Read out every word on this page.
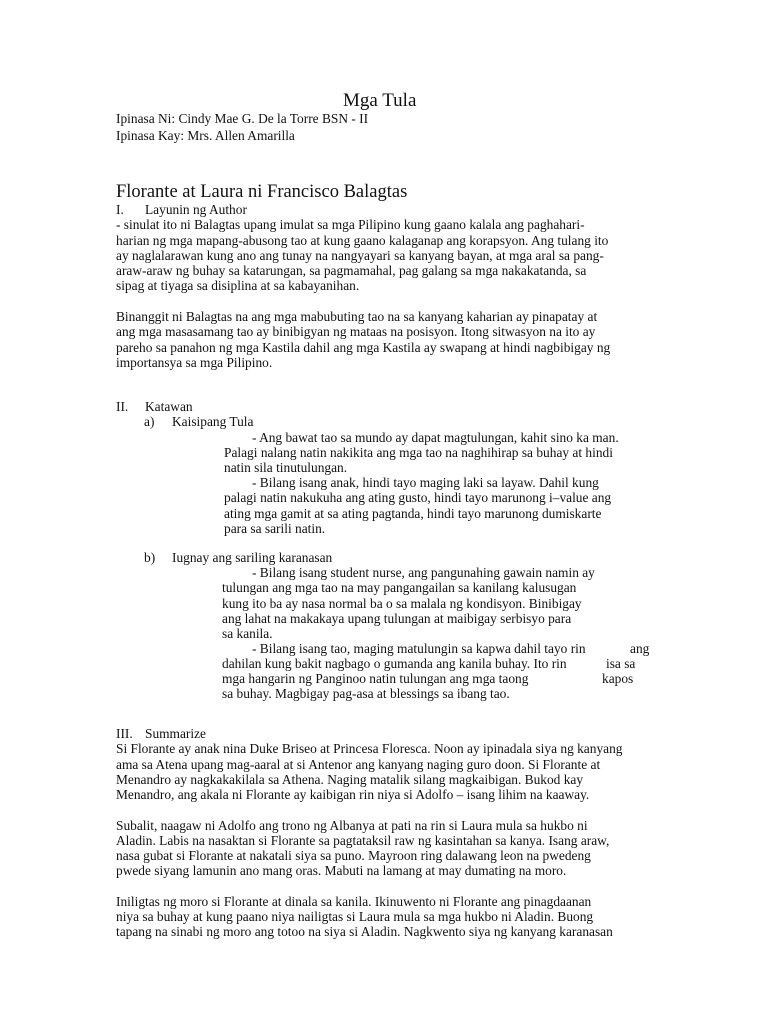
Mga Tula
Ipinasa Ni: Cindy Mae G. De la Torre BSN - II
Ipinasa Kay: Mrs. Allen Amarilla
Florante at Laura ni Francisco Balagtas
I. Layunin ng Author
- sinulat ito ni Balagtas upang imulat sa mga Pilipino kung gaano kalala ang paghahari-
harian ng mga mapang-abusong tao at kung gaano kalaganap ang korapsyon. Ang tulang ito
ay naglalarawan kung ano ang tunay na nangyayari sa kanyang bayan, at mga aral sa pang-
araw-araw ng buhay sa katarungan, sa pagmamahal, pag galang sa mga nakakatanda, sa
sipag at tiyaga sa disiplina at sa kabayanihan.
Binanggit ni Balagtas na ang mga mabubuting tao na sa kanyang kaharian ay pinapatay at
ang mga masasamang tao ay binibigyan ng mataas na posisyon. Itong sitwasyon na ito ay
pareho sa panahon ng mga Kastila dahil ang mga Kastila ay swapang at hindi nagbibigay ng
importansya sa mga Pilipino.
II. Katawan
a) Kaisipang Tula
- Ang bawat tao sa mundo ay dapat magtulungan, kahit sino ka man.
Palagi nalang natin nakikita ang mga tao na naghihirap sa buhay at hindi
natin sila tinutulungan.
- Bilang isang anak, hindi tayo maging laki sa layaw. Dahil kung
palagi natin nakukuha ang ating gusto, hindi tayo marunong i–value ang
ating mga gamit at sa ating pagtanda, hindi tayo marunong dumiskarte
para sa sarili natin.
b) Iugnay ang sariling karanasan
- Bilang isang student nurse, ang pangunahing gawain namin ay
tulungan ang mga tao na may pangangailan sa kanilang kalusugan
kung ito ba ay nasa normal ba o sa malala ng kondisyon. Binibigay
ang lahat na makakaya upang tulungan at maibigay serbisyo para
sa kanila.
- Bilang isang tao, maging matulungin sa kapwa dahil tayo rin	ang
dahilan kung bakit nagbago o gumanda ang kanila buhay. Ito rin	isa sa
mga hangarin ng Panginoo natin tulungan ang mga taong	kapos
sa buhay. Magbigay pag-asa at blessings sa ibang tao.
III. Summarize
Si Florante ay anak nina Duke Briseo at Princesa Floresca. Noon ay ipinadala siya ng kanyang
ama sa Atena upang mag-aaral at si Antenor ang kanyang naging guro doon. Si Florante at
Menandro ay nagkakakilala sa Athena. Naging matalik silang magkaibigan. Bukod kay
Menandro, ang akala ni Florante ay kaibigan rin niya si Adolfo – isang lihim na kaaway.
Subalit, naagaw ni Adolfo ang trono ng Albanya at pati na rin si Laura mula sa hukbo ni
Aladin. Labis na nasaktan si Florante sa pagtataksil raw ng kasintahan sa kanya. Isang araw,
nasa gubat si Florante at nakatali siya sa puno. Mayroon ring dalawang leon na pwedeng
pwede siyang lamunin ano mang oras. Mabuti na lamang at may dumating na moro.
Iniligtas ng moro si Florante at dinala sa kanila. Ikinuwento ni Florante ang pinagdaanan
niya sa buhay at kung paano niya nailigtas si Laura mula sa mga hukbo ni Aladin. Buong
tapang na sinabi ng moro ang totoo na siya si Aladin. Nagkwento siya ng kanyang karanasan
